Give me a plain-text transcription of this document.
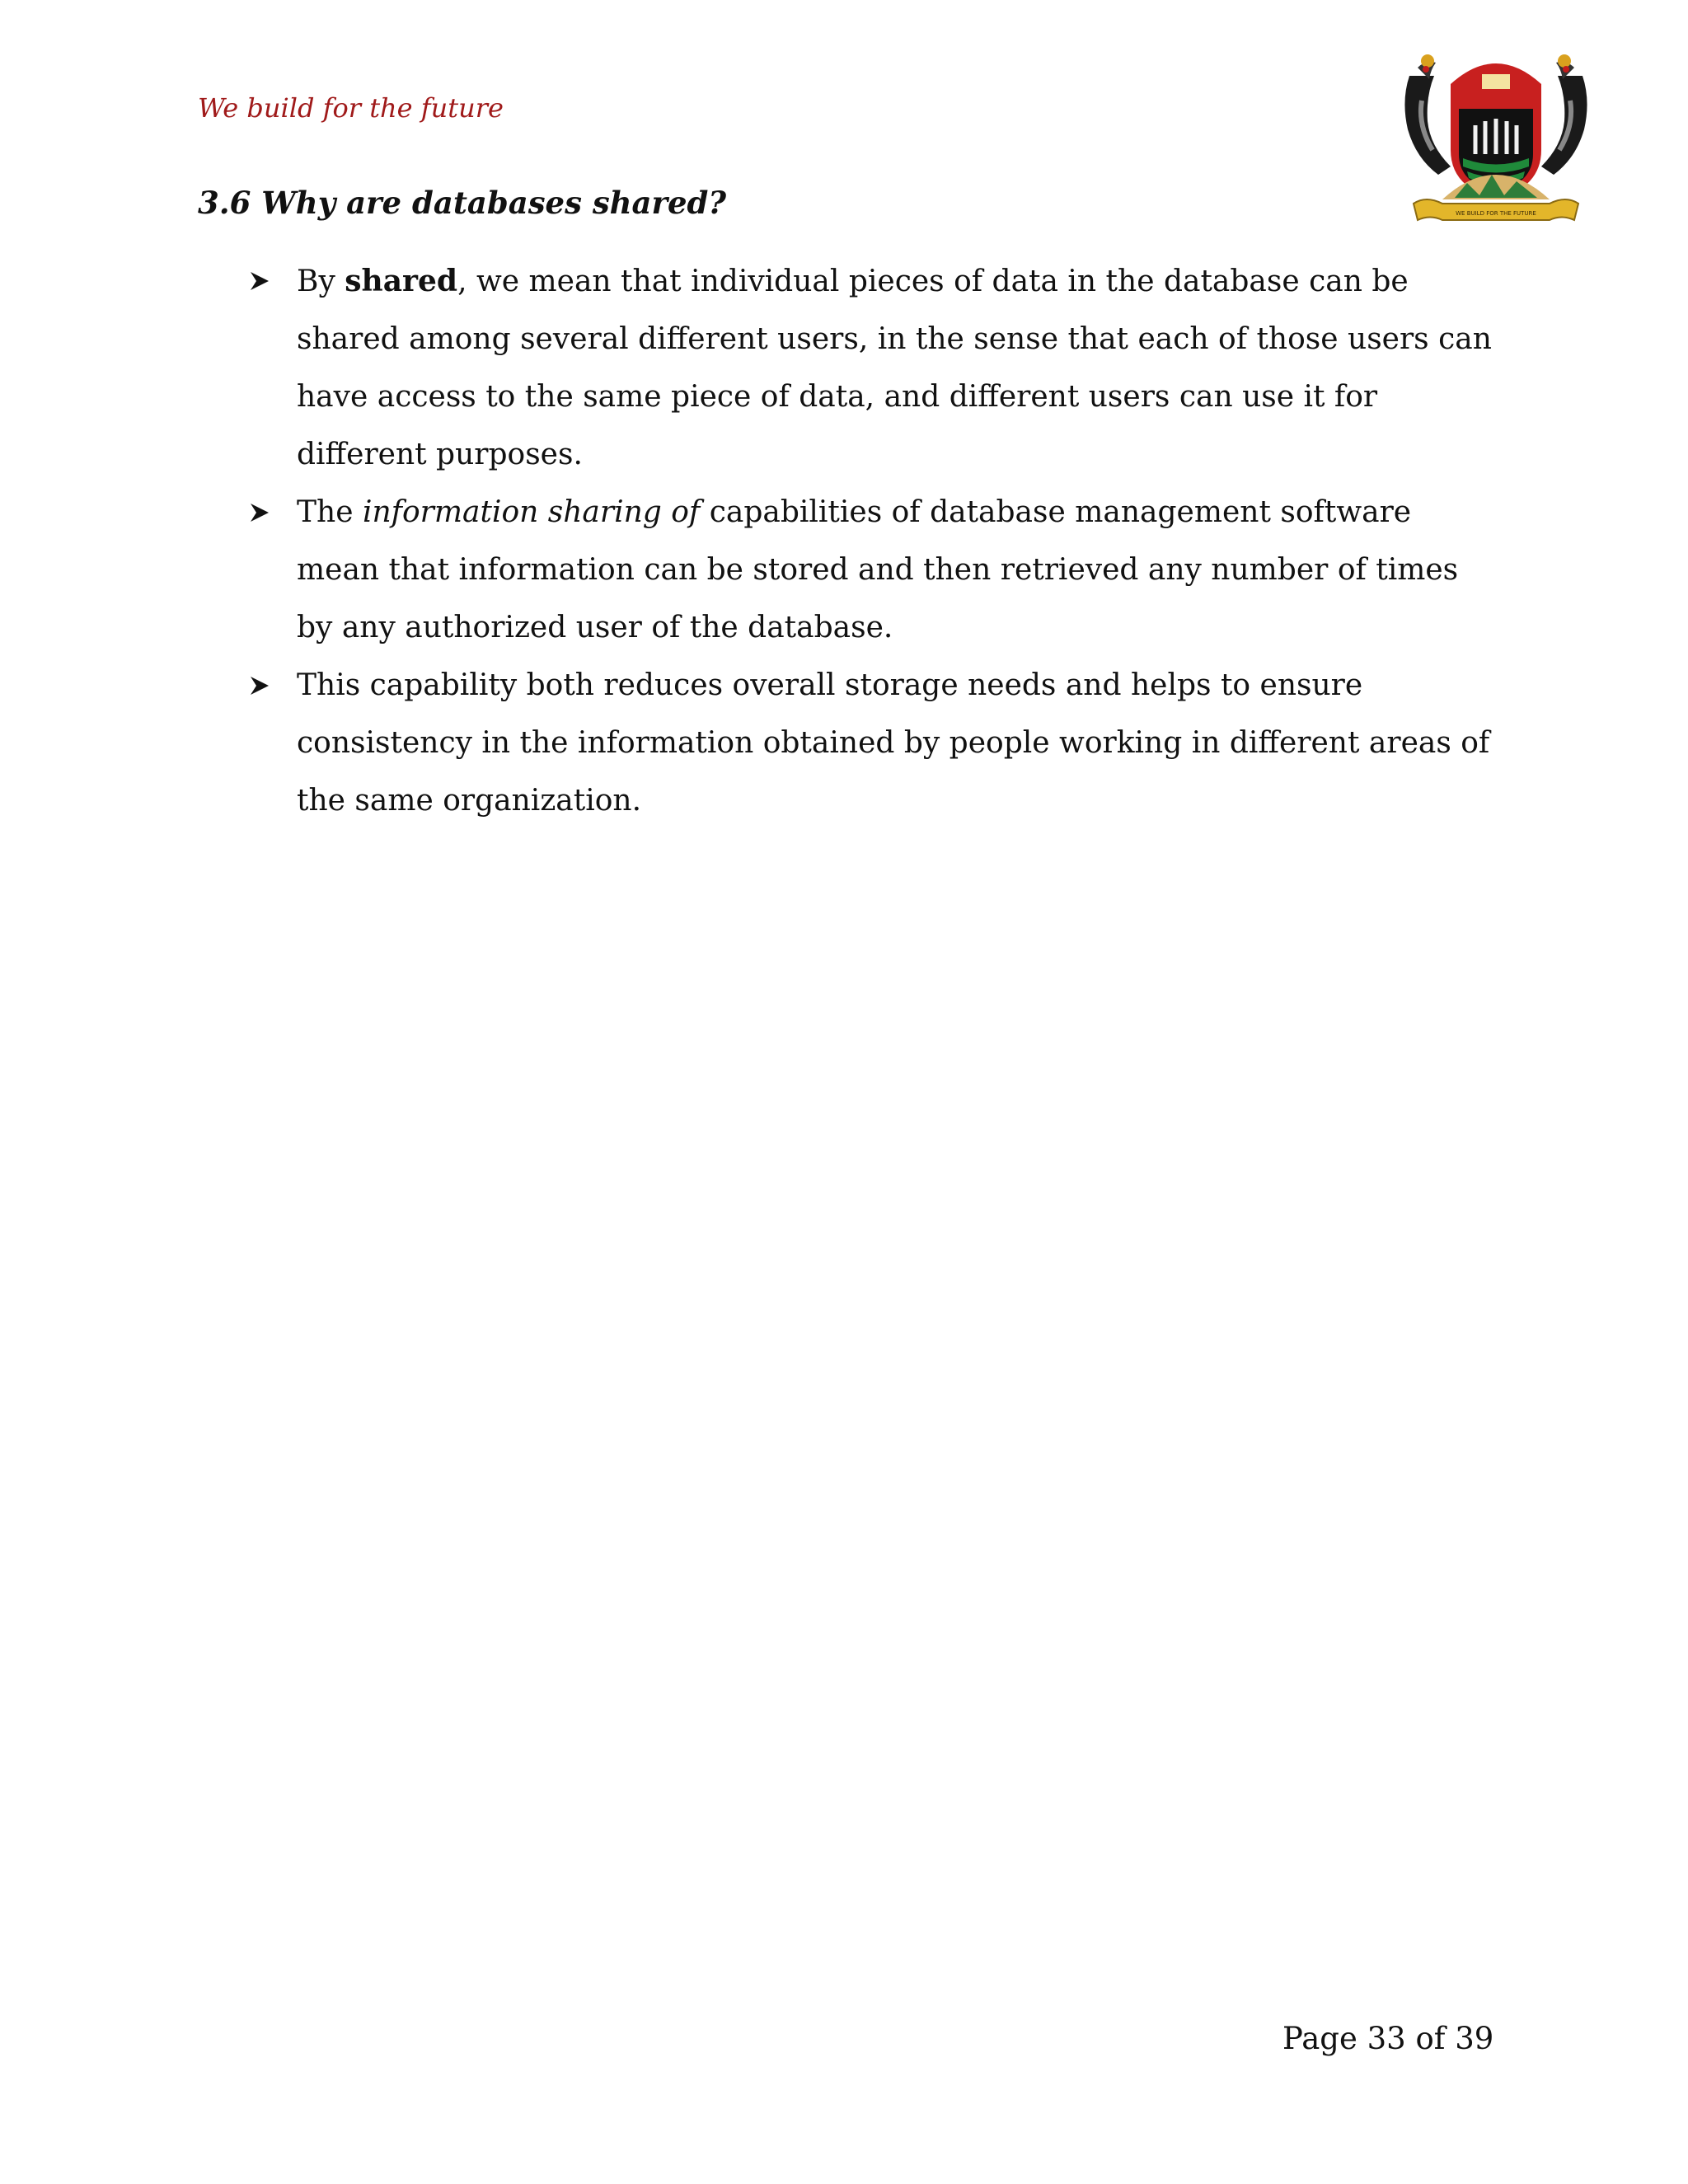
We build for the future
WE BUILD FOR THE FUTURE
3.6 Why are databases shared?
By shared, we mean that individual pieces of data in the database can be shared among several different users, in the sense that each of those users can have access to the same piece of data, and different users can use it for different purposes.
The information sharing of capabilities of database management software mean that information can be stored and then retrieved any number of times by any authorized user of the database.
This capability both reduces overall storage needs and helps to ensure consistency in the information obtained by people working in different areas of the same organization.
Page 33 of 39
